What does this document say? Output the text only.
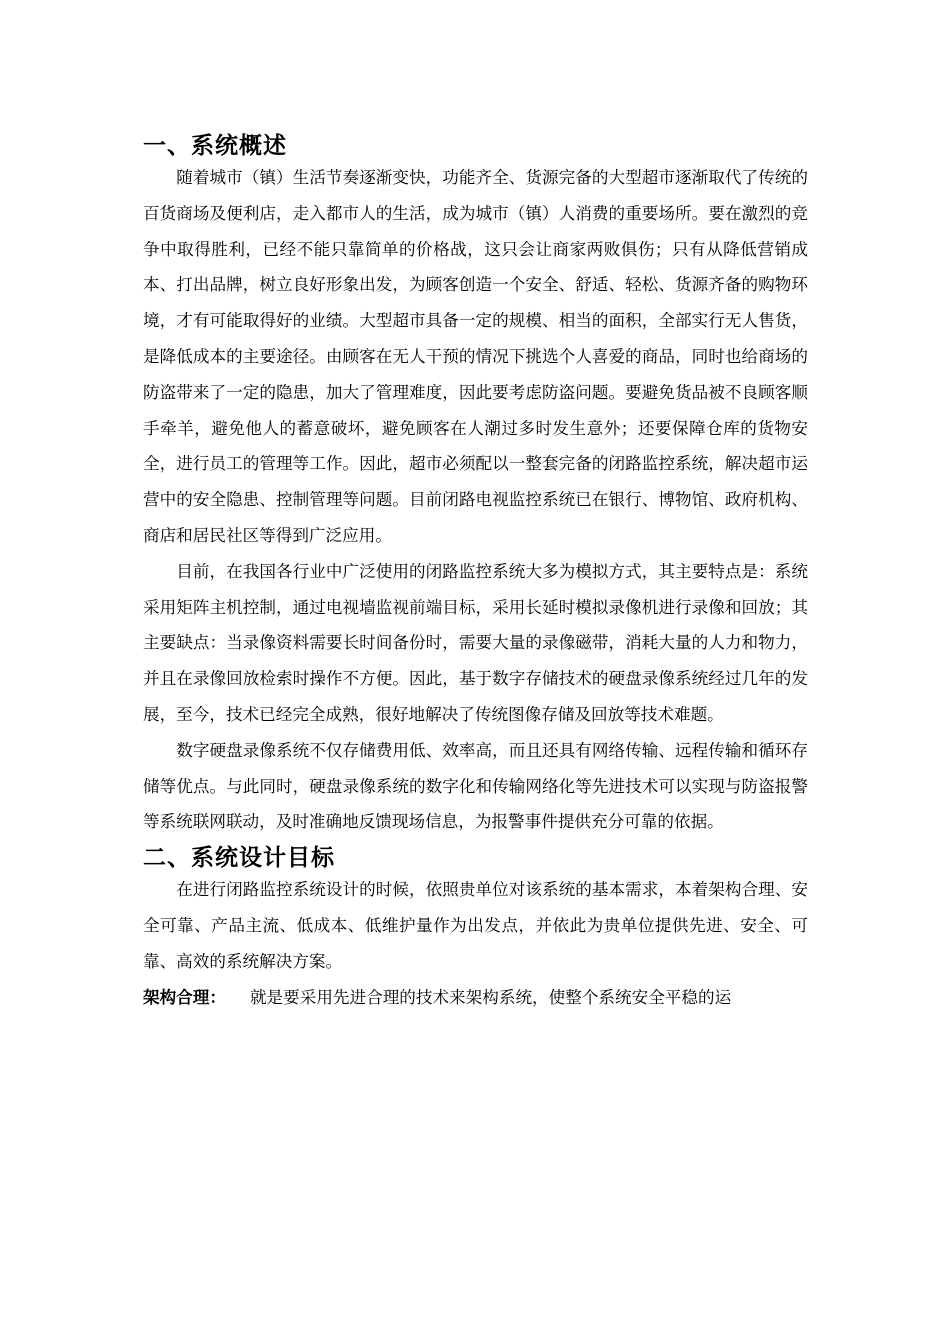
一、系统概述

随着城市（镇）生活节奏逐渐变快，功能齐全、货源完备的大型超市逐渐取代了传统的百货商场及便利店，走入都市人的生活，成为城市（镇）人消费的重要场所。要在激烈的竞争中取得胜利，已经不能只靠简单的价格战，这只会让商家两败俱伤；只有从降低营销成本、打出品牌，树立良好形象出发，为顾客创造一个安全、舒适、轻松、货源齐备的购物环境，才有可能取得好的业绩。大型超市具备一定的规模、相当的面积，全部实行无人售货，是降低成本的主要途径。由顾客在无人干预的情况下挑选个人喜爱的商品，同时也给商场的防盗带来了一定的隐患，加大了管理难度，因此要考虑防盗问题。要避免货品被不良顾客顺手牵羊，避免他人的蓄意破坏，避免顾客在人潮过多时发生意外；还要保障仓库的货物安全，进行员工的管理等工作。因此，超市必须配以一整套完备的闭路监控系统，解决超市运营中的安全隐患、控制管理等问题。目前闭路电视监控系统已在银行、博物馆、政府机构、商店和居民社区等得到广泛应用。

目前，在我国各行业中广泛使用的闭路监控系统大多为模拟方式，其主要特点是：系统采用矩阵主机控制，通过电视墙监视前端目标，采用长延时模拟录像机进行录像和回放；其主要缺点：当录像资料需要长时间备份时，需要大量的录像磁带，消耗大量的人力和物力，并且在录像回放检索时操作不方便。因此，基于数字存储技术的硬盘录像系统经过几年的发展，至今，技术已经完全成熟，很好地解决了传统图像存储及回放等技术难题。

数字硬盘录像系统不仅存储费用低、效率高，而且还具有网络传输、远程传输和循环存储等优点。与此同时，硬盘录像系统的数字化和传输网络化等先进技术可以实现与防盗报警等系统联网联动，及时准确地反馈现场信息，为报警事件提供充分可靠的依据。

二、系统设计目标

在进行闭路监控系统设计的时候，依照贵单位对该系统的基本需求，本着架构合理、安全可靠、产品主流、低成本、低维护量作为出发点，并依此为贵单位提供先进、安全、可靠、高效的系统解决方案。

架构合理： 就是要采用先进合理的技术来架构系统，使整个系统安全平稳的运
